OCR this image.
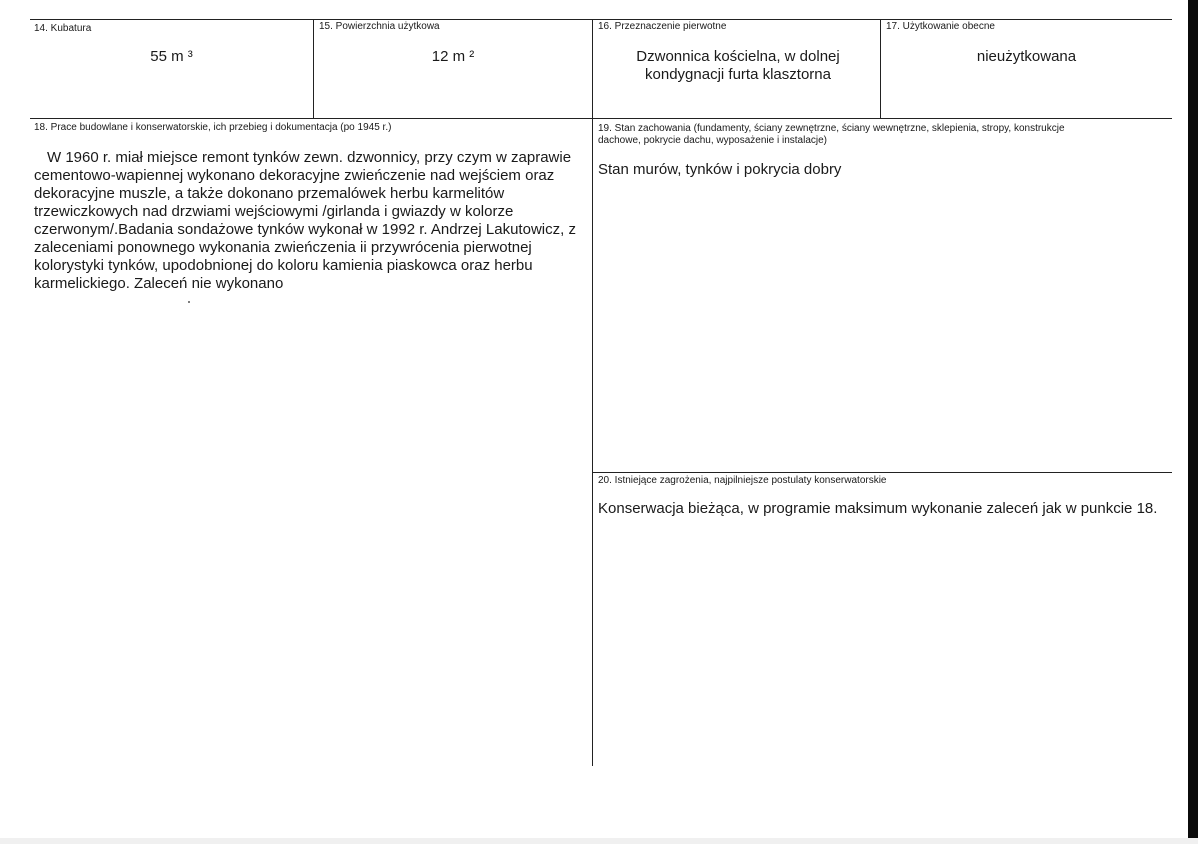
14. Kubatura
55 m ³
15. Powierzchnia użytkowa
12 m ²
16. Przeznaczenie pierwotne
Dzwonnica kościelna, w dolnej kondygnacji furta klasztorna
17. Użytkowanie obecne
nieużytkowana
18. Prace budowlane i konserwatorskie, ich przebieg i dokumentacja (po 1945 r.)

W 1960 r. miał miejsce remont tynków zewn. dzwonnicy, przy czym w zaprawie cementowo-wapiennej wykonano dekoracyjne zwieńczenie nad wejściem oraz dekoracyjne muszle, a także dokonano przemalówek herbu karmelitów trzewiczkowych nad drzwiami wejściowymi /girlanda i gwiazdy w kolorze czerwonym/.Badania sondażowe tynków wykonał w 1992 r. Andrzej Lakutowicz, z zaleceniami ponownego wykonania zwieńczenia ii przywrócenia pierwotnej kolorystyki tynków, upodobnionej do koloru kamienia piaskowca oraz herbu karmelickiego. Zaleceń nie wykonano

19. Stan zachowania (fundamenty, ściany zewnętrzne, ściany wewnętrzne, sklepienia, stropy, konstrukcje dachowe, pokrycie dachu, wyposażenie i instalacje)

Stan murów, tynków i pokrycia dobry

20. Istniejące zagrożenia, najpilniejsze postulaty konserwatorskie

Konserwacja bieżąca, w programie maksimum wykonanie zaleceń jak w punkcie 18.
